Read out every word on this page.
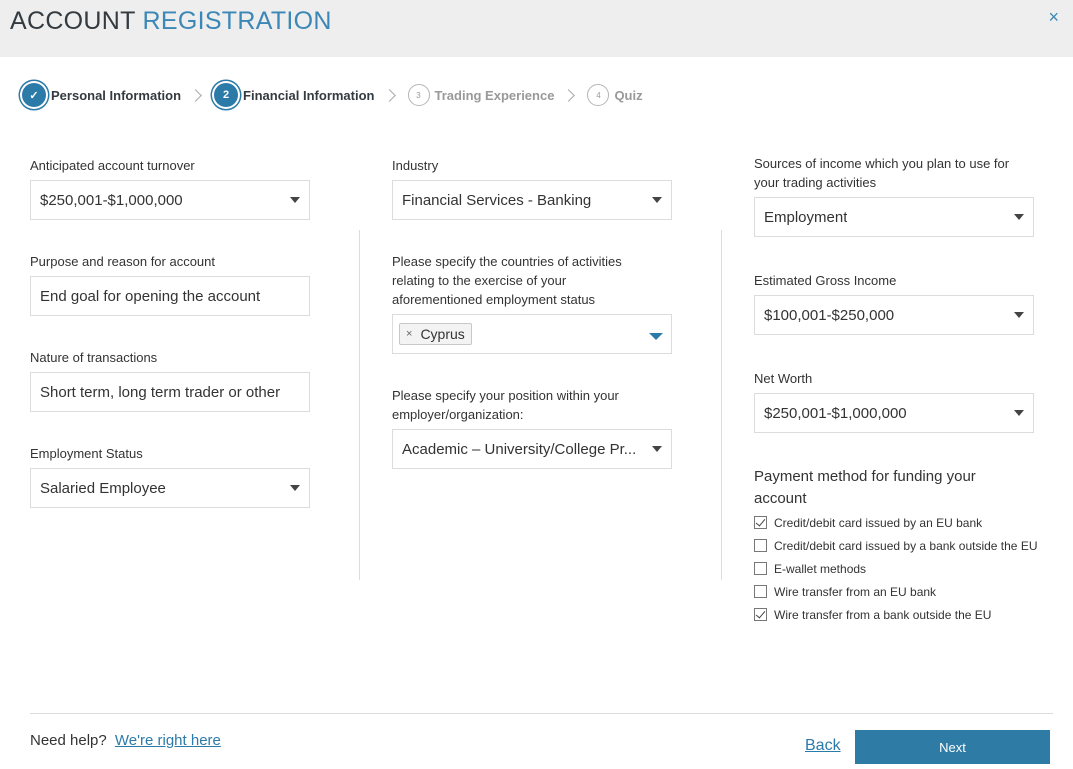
ACCOUNT REGISTRATION	×
✓ Personal Information	2	Financial Information	3	Trading Experience	4	Quiz
Anticipated account turnover
$250,001-$1,000,000
Purpose and reason for account
End goal for opening the account
Nature of transactions
Short term, long term trader or other
Employment Status
Salaried Employee
Industry
Financial Services - Banking
Please specify the countries of activities
relating to the exercise of your
aforementioned employment status
× Cyprus
Please specify your position within your
employer/organization:
Academic – University/College Pr...
Sources of income which you plan to use for
your trading activities
Employment
Estimated Gross Income
$100,001-$250,000
Net Worth
$250,001-$1,000,000
Payment method for funding your
account
Credit/debit card issued by an EU bank
Credit/debit card issued by a bank outside the EU
E-wallet methods
Wire transfer from an EU bank
Wire transfer from a bank outside the EU
Need help? We're right here	Back	Next
